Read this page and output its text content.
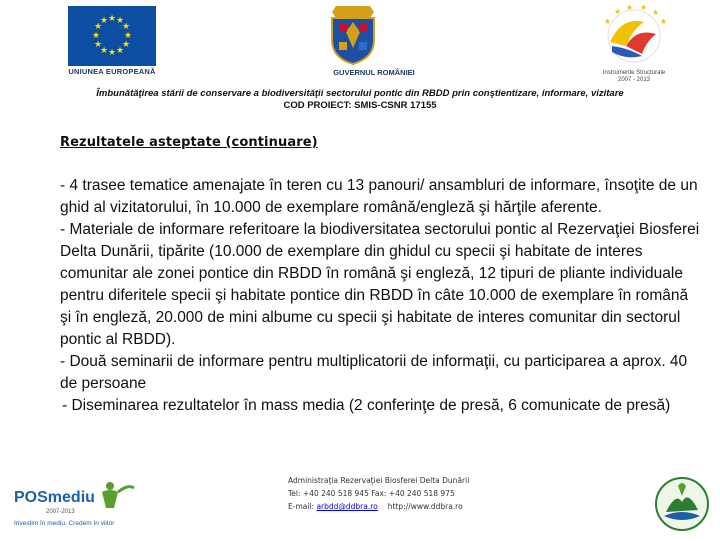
★ ★
★
★
★
★
★
★
★
★
★
★
UNIUNEA EUROPEANĂ	GUVERNUL ROMÂNIEI
★
★ ★ ★
★
★
Instrumente Structurale
2007 - 2013
Îmbunătăţirea stării de conservare a biodiversităţii sectorului pontic din RBDD prin conştientizare, informare, vizitare
COD PROIECT: SMIS-CSNR 17155
Rezultatele asteptate (continuare)

- 4 trasee tematice amenajate în teren cu 13 panouri/ ansambluri de informare, însoţite de un ghid al vizitatorului, în 10.000 de exemplare română/engleză şi hărţile aferente.

- Materiale de informare referitoare la biodiversitatea sectorului pontic al Rezervaţiei Biosferei Delta Dunării, tipărite (10.000 de exemplare din ghidul cu specii şi habitate de interes comunitar ale zonei pontice din RBDD în română şi engleză, 12 tipuri de pliante individuale pentru diferitele specii şi habitate pontice din RBDD în câte 10.000 de exemplare în română şi în engleză, 20.000 de mini albume cu specii şi habitate de interes comunitar din sectorul pontic al RBDD).

- Două seminarii de informare pentru multiplicatorii de informaţii, cu participarea a aprox. 40 de persoane

- Diseminarea rezultatelor în mass media (2 conferinţe de presă, 6 comunicate de presă)

POSmediu
2007-2013
Investim în mediu. Credem în viitor
Administraţia Rezervaţiei Biosferei Delta Dunării
Tel: +40 240 518 945 Fax: +40 240 518 975
E-mail: arbdd@ddbra.ro http://www.ddbra.ro
